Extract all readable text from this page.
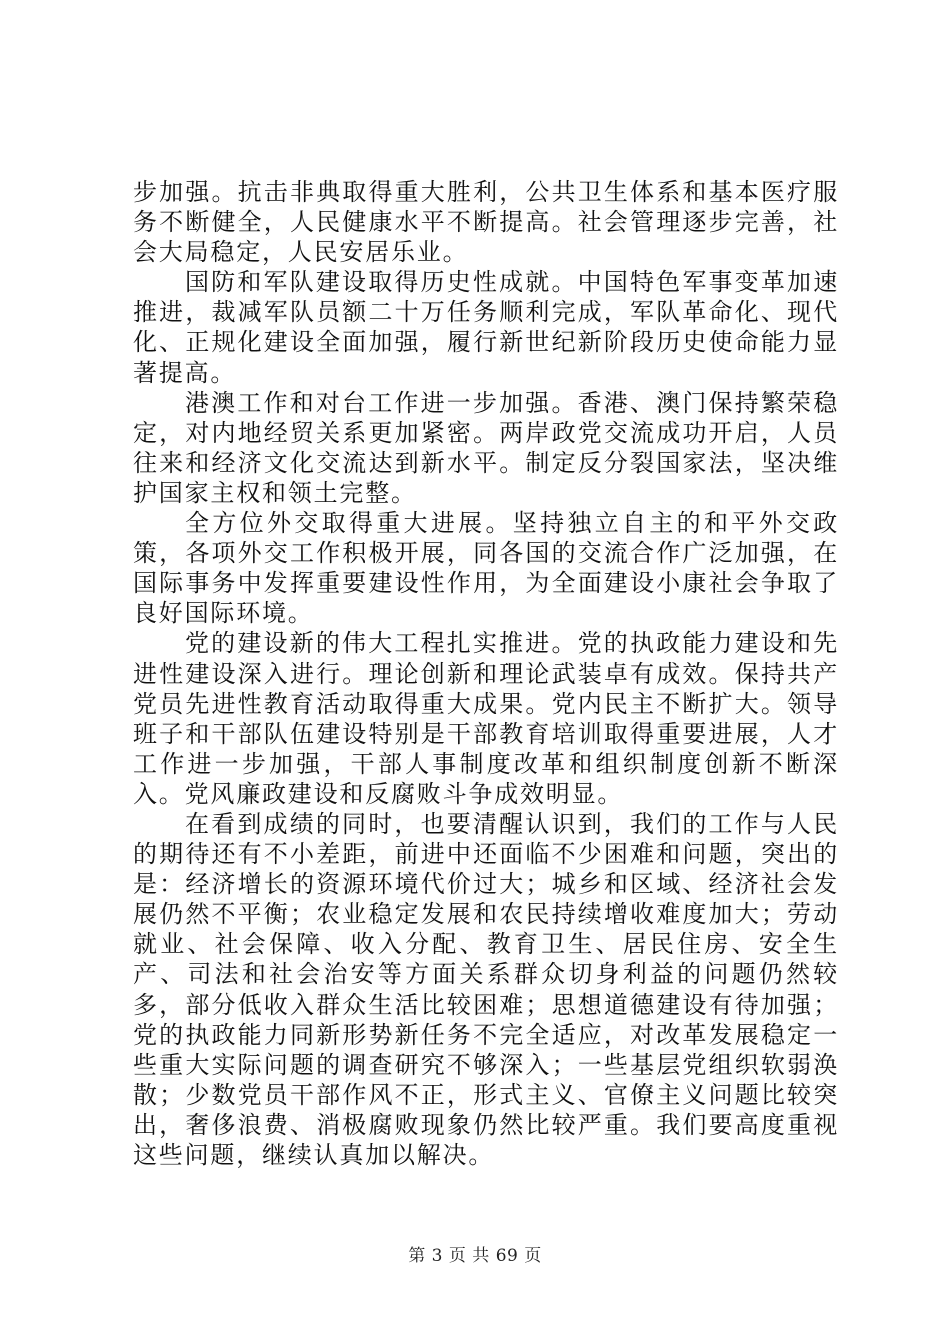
步加强。抗击非典取得重大胜利，公共卫生体系和基本医疗服务不断健全，人民健康水平不断提高。社会管理逐步完善，社会大局稳定，人民安居乐业。

国防和军队建设取得历史性成就。中国特色军事变革加速推进，裁减军队员额二十万任务顺利完成，军队革命化、现代化、正规化建设全面加强，履行新世纪新阶段历史使命能力显著提高。

港澳工作和对台工作进一步加强。香港、澳门保持繁荣稳定，对内地经贸关系更加紧密。两岸政党交流成功开启，人员往来和经济文化交流达到新水平。制定反分裂国家法，坚决维护国家主权和领土完整。

全方位外交取得重大进展。坚持独立自主的和平外交政策，各项外交工作积极开展，同各国的交流合作广泛加强，在国际事务中发挥重要建设性作用，为全面建设小康社会争取了良好国际环境。

党的建设新的伟大工程扎实推进。党的执政能力建设和先进性建设深入进行。理论创新和理论武装卓有成效。保持共产党员先进性教育活动取得重大成果。党内民主不断扩大。领导班子和干部队伍建设特别是干部教育培训取得重要进展，人才工作进一步加强，干部人事制度改革和组织制度创新不断深入。党风廉政建设和反腐败斗争成效明显。

在看到成绩的同时，也要清醒认识到，我们的工作与人民的期待还有不小差距，前进中还面临不少困难和问题，突出的是：经济增长的资源环境代价过大；城乡和区域、经济社会发展仍然不平衡；农业稳定发展和农民持续增收难度加大；劳动就业、社会保障、收入分配、教育卫生、居民住房、安全生产、司法和社会治安等方面关系群众切身利益的问题仍然较多，部分低收入群众生活比较困难；思想道德建设有待加强；党的执政能力同新形势新任务不完全适应，对改革发展稳定一些重大实际问题的调查研究不够深入；一些基层党组织软弱涣散；少数党员干部作风不正，形式主义、官僚主义问题比较突出，奢侈浪费、消极腐败现象仍然比较严重。我们要高度重视这些问题，继续认真加以解决。

第 3 页 共 69 页
